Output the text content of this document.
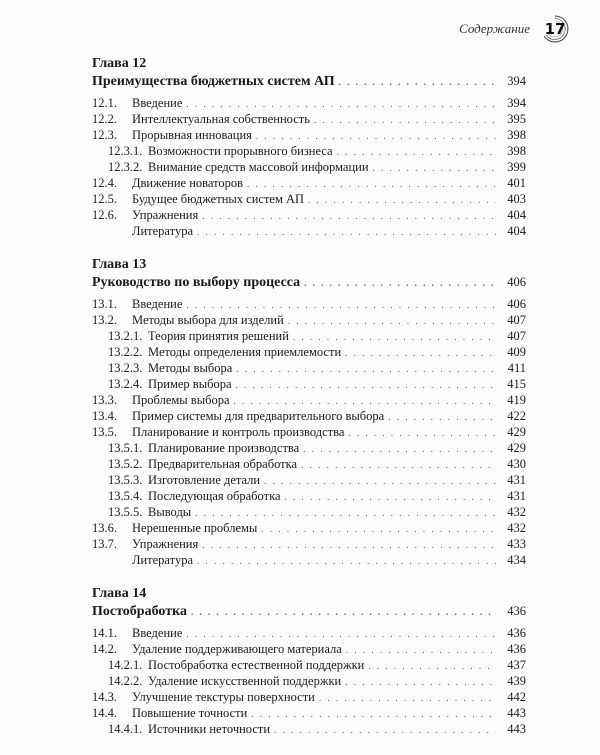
Содержание 17
Глава 12
Преимущества бюджетных систем АП . . .	394
12.1.	Введение . . .	394
12.2.	Интеллектуальная собственность . . .	395
12.3.	Прорывная инновация . . .	398
12.3.1. Возможности прорывного бизнеса . . .	398
12.3.2. Внимание средств массовой информации . . .	399
12.4.	Движение новаторов . . .	401
12.5.	Будущее бюджетных систем АП . . .	403
12.6.	Упражнения . . .	404
Литература . . .	404
Глава 13
Руководство по выбору процесса . . .	406
13.1.	Введение . . .	406
13.2.	Методы выбора для изделий . . .	407
13.2.1. Теория принятия решений . . .	407
13.2.2. Методы определения приемлемости . . .	409
13.2.3. Методы выбора . . .	411
13.2.4. Пример выбора . . .	415
13.3.	Проблемы выбора . . .	419
13.4.	Пример системы для предварительного выбора . . .	422
13.5.	Планирование и контроль производства . . .	429
13.5.1. Планирование производства . . .	429
13.5.2. Предварительная обработка . . .	430
13.5.3. Изготовление детали . . .	431
13.5.4. Последующая обработка . . .	431
13.5.5. Выводы . . .	432
13.6.	Нерешенные проблемы . . .	432
13.7.	Упражнения . . .	433
Литература . . .	434
Глава 14
Постобработка . . .	436
14.1.	Введение . . .	436
14.2.	Удаление поддерживающего материала . . .	436
14.2.1. Постобработка естественной поддержки . . .	437
14.2.2. Удаление искусственной поддержки . . .	439
14.3.	Улучшение текстуры поверхности . . .	442
14.4.	Повышение точности . . .	443
14.4.1. Источники неточности . . .	443
